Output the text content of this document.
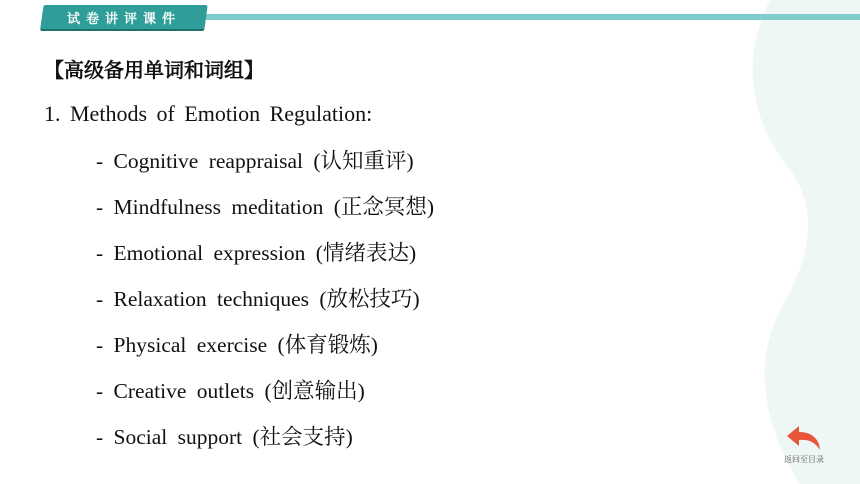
试卷讲评课件
【高级备用单词和词组】
1. Methods of Emotion Regulation:
- Cognitive reappraisal (认知重评)
- Mindfulness meditation (正念冥想)
- Emotional expression (情绪表达)
- Relaxation techniques (放松技巧)
- Physical exercise (体育锻炼)
- Creative outlets (创意输出)
- Social support (社会支持)
返回至目录
